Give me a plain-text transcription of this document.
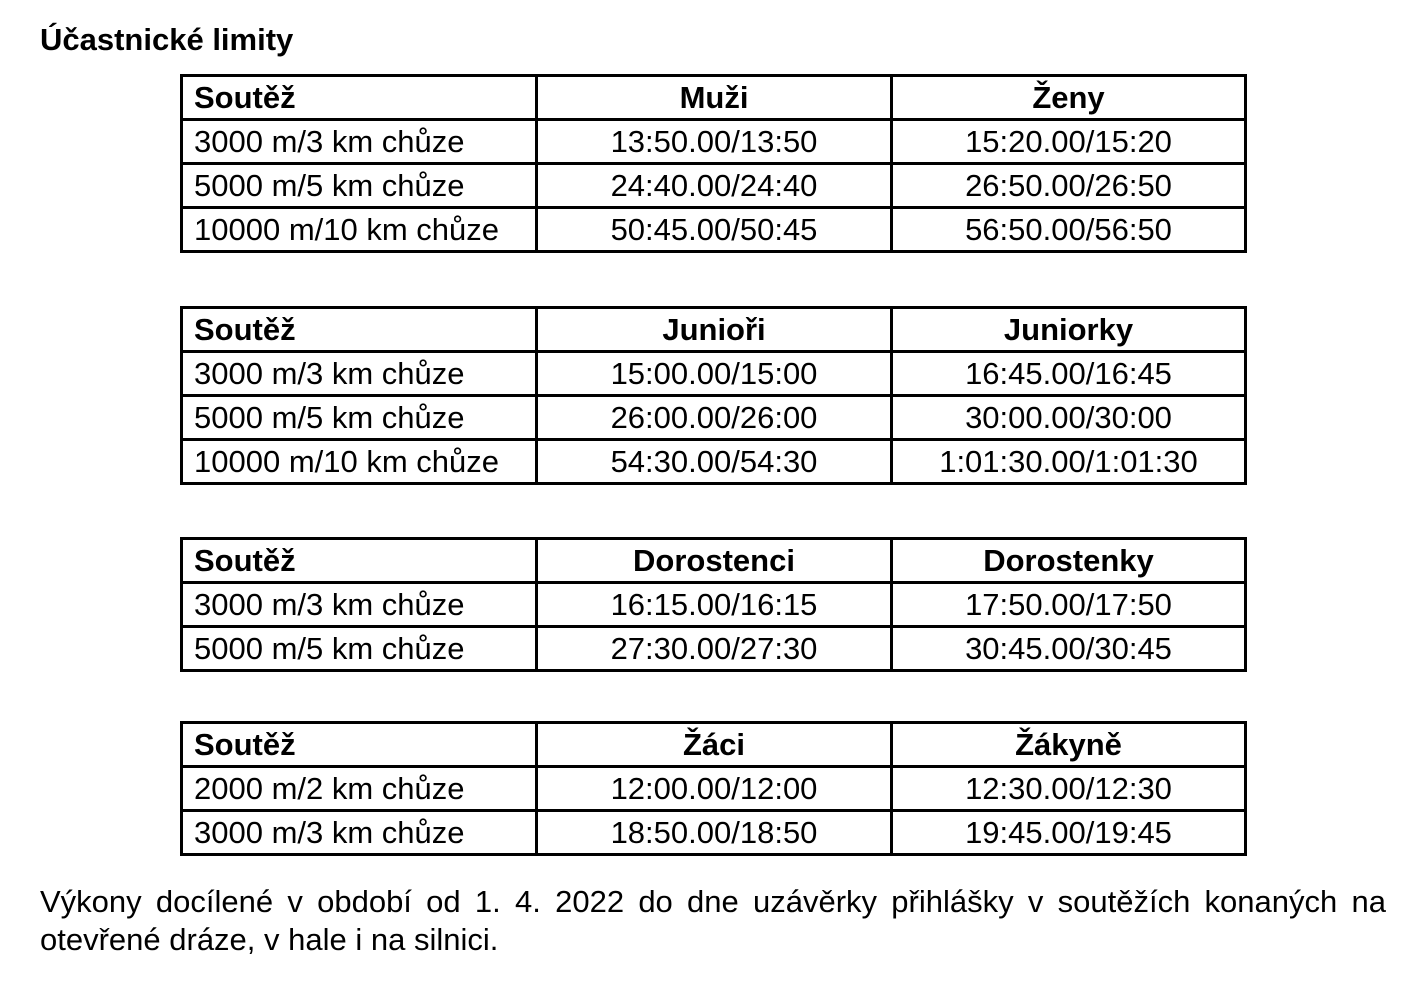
Účastnické limity
Soutěž	Muži	Ženy
3000 m/3 km chůze	13:50.00/13:50	15:20.00/15:20
5000 m/5 km chůze	24:40.00/24:40	26:50.00/26:50
10000 m/10 km chůze	50:45.00/50:45	56:50.00/56:50
Soutěž	Junioři	Juniorky
3000 m/3 km chůze	15:00.00/15:00	16:45.00/16:45
5000 m/5 km chůze	26:00.00/26:00	30:00.00/30:00
10000 m/10 km chůze	54:30.00/54:30	1:01:30.00/1:01:30
Soutěž	Dorostenci	Dorostenky
3000 m/3 km chůze	16:15.00/16:15	17:50.00/17:50
5000 m/5 km chůze	27:30.00/27:30	30:45.00/30:45
Soutěž	Žáci	Žákyně
2000 m/2 km chůze	12:00.00/12:00	12:30.00/12:30
3000 m/3 km chůze	18:50.00/18:50	19:45.00/19:45
Výkony docílené v období od 1. 4. 2022 do dne uzávěrky přihlášky v soutěžích konaných na otevřené dráze, v hale i na silnici.
